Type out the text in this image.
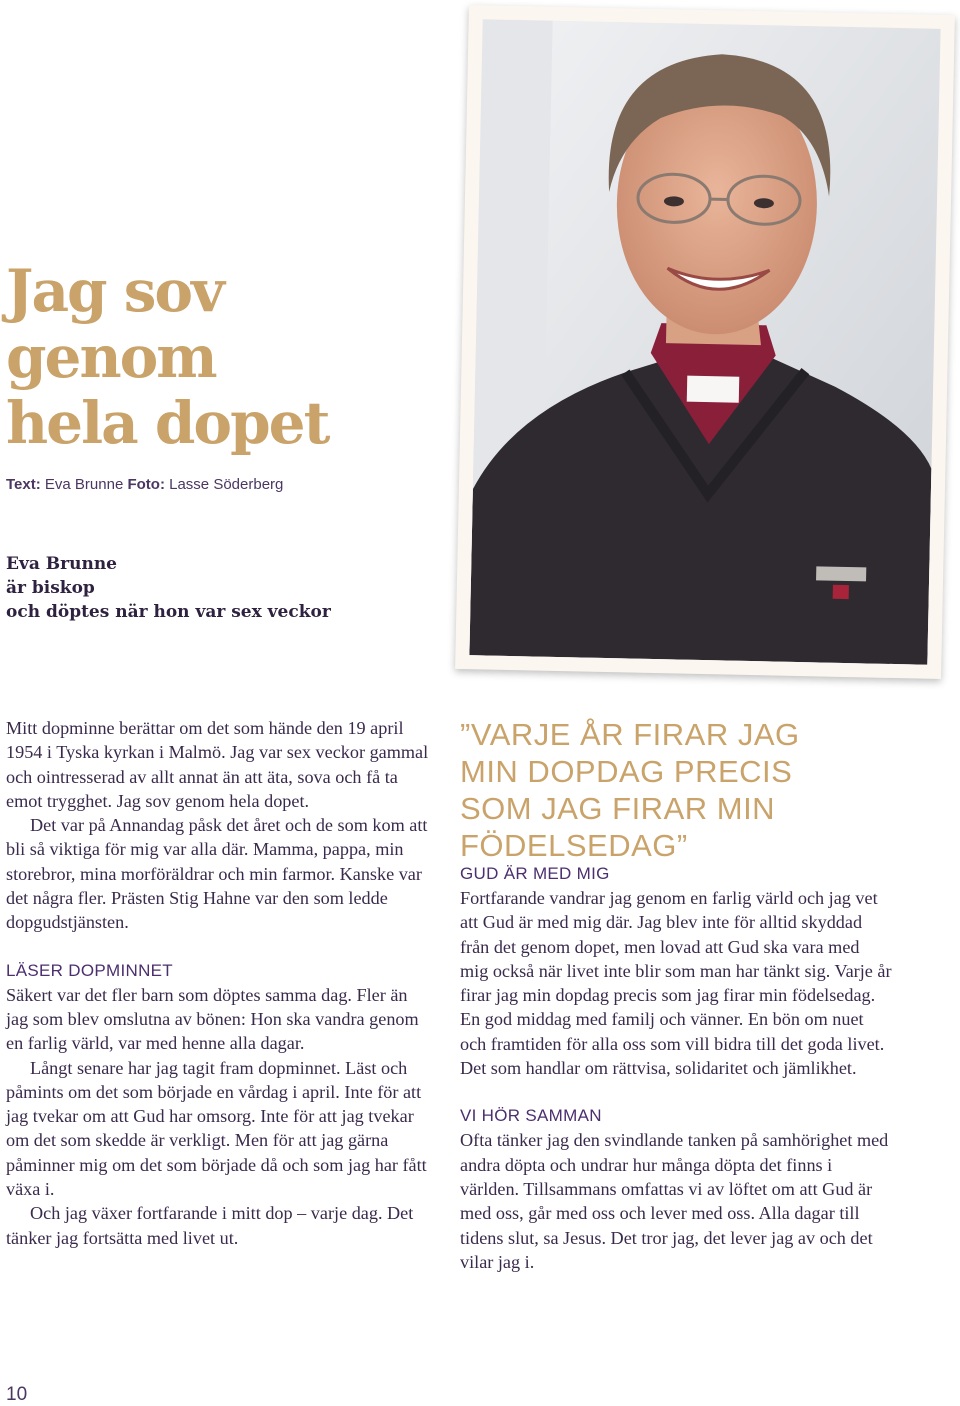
Jag sov
genom
hela dopet

Text: Eva Brunne Foto: Lasse Söderberg

Eva Brunne
är biskop
och döptes när hon var sex veckor

Mitt dopminne berättar om det som hände den 19 april 1954 i Tyska kyrkan i Malmö. Jag var sex veckor gammal och ointresserad av allt annat än att äta, sova och få ta emot trygghet. Jag sov genom hela dopet.

Det var på Annandag påsk det året och de som kom att bli så viktiga för mig var alla där. Mamma, pappa, min storebror, mina morföräldrar och min farmor. Kanske var det några fler. Prästen Stig Hahne var den som ledde dopgudstjänsten.

LÄSER DOPMINNET

Säkert var det fler barn som döptes samma dag. Fler än jag som blev omslutna av bönen: Hon ska vandra genom en farlig värld, var med henne alla dagar.

Långt senare har jag tagit fram dopminnet. Läst och påmints om det som började en vårdag i april. Inte för att jag tvekar om att Gud har omsorg. Inte för att jag tvekar om det som skedde är verkligt. Men för att jag gärna påminner mig om det som började då och som jag har fått växa i.

Och jag växer fortfarande i mitt dop – varje dag. Det tänker jag fortsätta med livet ut.

”VARJE ÅR FIRAR JAG MIN DOPDAG PRECIS SOM JAG FIRAR MIN FÖDELSEDAG”

GUD ÄR MED MIG

Fortfarande vandrar jag genom en farlig värld och jag vet att Gud är med mig där. Jag blev inte för alltid skyddad från det genom dopet, men lovad att Gud ska vara med mig också när livet inte blir som man har tänkt sig. Varje år firar jag min dopdag precis som jag firar min födelsedag. En god middag med familj och vänner. En bön om nuet och framtiden för alla oss som vill bidra till det goda livet. Det som handlar om rättvisa, solidaritet och jämlikhet.

VI HÖR SAMMAN

Ofta tänker jag den svindlande tanken på samhörighet med andra döpta och undrar hur många döpta det finns i världen. Tillsammans omfattas vi av löftet om att Gud är med oss, går med oss och lever med oss. Alla dagar till tidens slut, sa Jesus. Det tror jag, det lever jag av och det vilar jag i.

10
